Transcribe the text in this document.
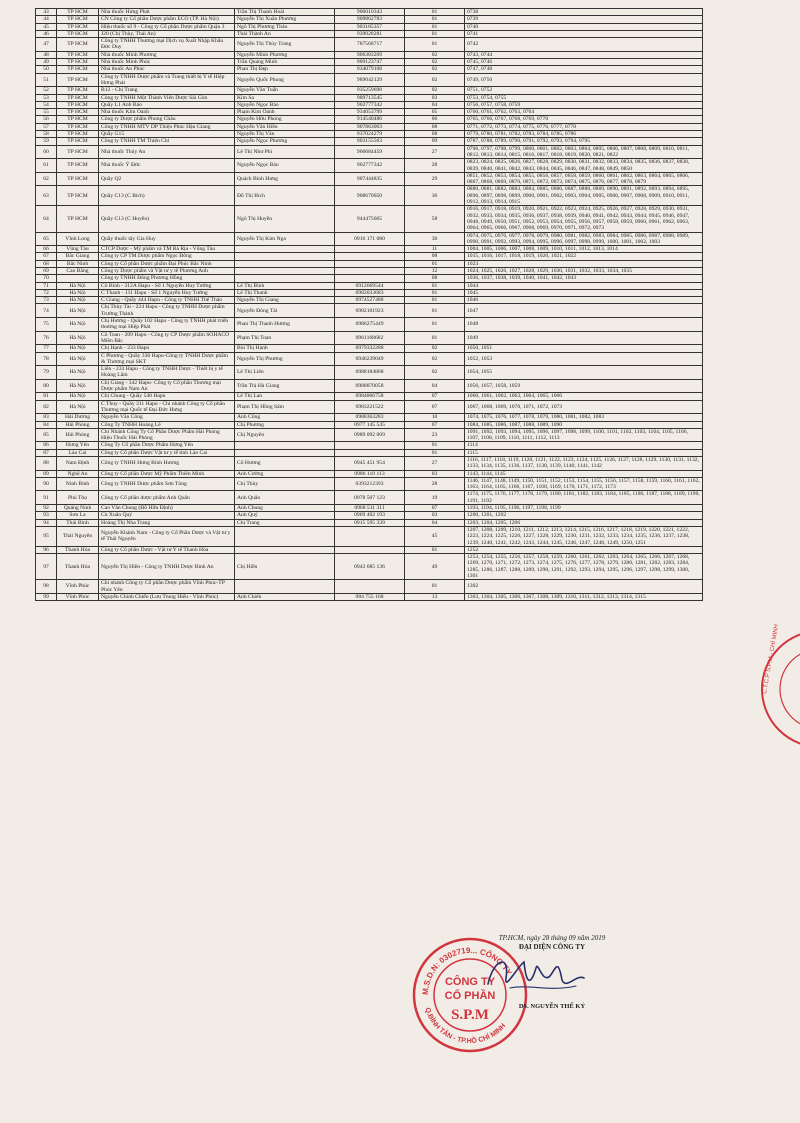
43	TP HCM	Nhà thuốc Hưng Phát	Trần Thị Thanh Hoài	906010343	01	0738
44	TP HCM	CN Công ty Cổ phần Dược phẩm ECO (TP. Hà Nội)	Nguyễn Thị Xuân Phương	909862783	01	0739
45	TP HCM	Hiệu thuốc số 9 - Công ty Cổ phần Dược phẩm Quận 3	Ngô Thị Phương Thảo	903185357	01	0740
46	TP HCM	J20 (Chị Thùy, Thái An)	Thái Thành An	939028281	01	0741
47	TP HCM	Công ty TNHH Thương mại Dịch vụ Xuất Nhập Khẩu Đức Duy	Nguyễn Thị Thùy Trang	787568717	01	0742
48	TP HCM	Nhà thuốc Minh Phương	Nguyễn Minh Phương	906383209	02	0743, 0744
49	TP HCM	Nhà thuốc Minh Phúc	Trần Quang Minh	909123747	02	0745, 0746
50	TP HCM	Nhà thuốc An Phúc	Phan Thị Đẹp	934079108	02	0747, 0748
51	TP HCM	Công ty TNHH Dược phẩm và Trang thiết bị Y tế Hiệp Hưng Phát	Nguyễn Quốc Phong	989042129	02	0749, 0750
52	TP HCM	B12 - Chị Trang	Nguyễn Văn Tuấn	935259698	02	0751, 0752
53	TP HCM	Công ty TNHH Một Thành Viên Dược Sài Gòn	Kim Sa	989713545	03	0753, 0754, 0755
54	TP HCM	Quầy L1 Anh Bảo	Nguyễn Ngọc Bảo	902777342	04	0756, 0757, 0758, 0759
55	TP HCM	Nhà thuốc Kim Oanh	Phạm Kim Oanh	934053799	05	0760, 0761, 0762, 0763, 0764
56	TP HCM	Công ty Dược phẩm Phong Châu	Nguyễn Hữu Phong	914540486	06	0765, 0766, 0767, 0768, 0769, 0770
57	TP HCM	Công ty TNHH MTV DP Thiện Phúc Hậu Giang	Nguyễn Văn Hiền	907863003	08	0771, 0772, 0773, 0774, 0775, 0776, 0777, 0778
58	TP HCM	Quầy G15	Nguyễn Thị Vân	937024279	08	0779, 0780, 0781, 0782, 0783, 0784, 0785, 0786
59	TP HCM	Công ty TNHH TM Thiện Chí	Nguyễn Ngọc Phương	903155563	09	0787, 0788, 0789, 0790, 0791, 0792, 0793, 0794, 0795
60	TP HCM	Nhà thuốc Thúy An	Lê Thị Như Phi	906684459	27	0796, 0797, 0798, 0799, 0800, 0801, 0802, 0803, 0804, 0805, 0806, 0807, 0808, 0809, 0810, 0811, 0812, 0813, 0814, 0815, 0816, 0817, 0818, 0819, 0820, 0821, 0822
61	TP HCM	Nhà thuốc Ý Đức	Nguyễn Ngọc Bảo	902777342	28	0823, 0824, 0825, 0826, 0827, 0828, 0829, 0830, 0831, 0832, 0833, 0834, 0835, 0836, 0837, 0838, 0839, 0840, 0841, 0842, 0843, 0844, 0845, 0846, 0847, 0848, 0849, 0850
62	TP HCM	Quầy Q2	Quách Bình Hưng	907444835	29	0851, 0852, 0853, 0854, 0855, 0856, 0857, 0858, 0859, 0860, 0861, 0862, 0863, 0864, 0865, 0866, 0867, 0868, 0869, 0870, 0871, 0872, 0873, 0874, 0875, 0876, 0877, 0878, 0879
63	TP HCM	Quầy C13 (C Bích)	Đỗ Thị Bích	908670050	36	0880, 0881, 0882, 0883, 0884, 0885, 0886, 0887, 0888, 0889, 0890, 0891, 0892, 0893, 0894, 0895, 0896, 0897, 0898, 0899, 0900, 0901, 0902, 0903, 0904, 0905, 0906, 0907, 0908, 0909, 0910, 0911, 0912, 0913, 0914, 0915
64	TP HCM	Quầy C13 (C Huyền)	Ngô Thị Huyền	944475665	58	0916, 0917, 0918, 0919, 0920, 0921, 0922, 0923, 0924, 0925, 0926, 0927, 0928, 0929, 0930, 0931, 0932, 0933, 0934, 0935, 0936, 0937, 0938, 0939, 0940, 0941, 0942, 0943, 0944, 0945, 0946, 0947, 0948, 0949, 0950, 0951, 0952, 0953, 0954, 0955, 0956, 0957, 0958, 0959, 0960, 0961, 0962, 0963, 0964, 0965, 0966, 0967, 0968, 0969, 0970, 0971, 0972, 0973
65	Vĩnh Long	Quầy thuốc tây Gia Huy	Nguyễn Thị Kim Nga	0916 171 080	30	0974, 0975, 0976, 0977, 0978, 0979, 0980, 0981, 0982, 0983, 0984, 0985, 0986, 0987, 0988, 0989, 0990, 0991, 0992, 0993, 0994, 0995, 0996, 0997, 0998, 0999, 1000, 1001, 1002, 1003
66	Vũng Tàu	CTCP Dược - Mỹ phẩm và TM Bà Rịa - Vũng Tàu			11	1004, 1005, 1006, 1007, 1008, 1009, 1010, 1011, 1012, 1013, 1014
67	Bắc Giang	Công ty CP TM Dược phẩm Ngọc Đông			08	1015, 1016, 1017, 1018, 1019, 1020, 1021, 1022
68	Bắc Ninh	Công ty Cổ phần Dược phẩm Đại Phúc Bắc Ninh			01	1023
69	Cao Bằng	Công ty Dược phẩm và Vật tư y tế Phương Anh			12	1024, 1025, 1026, 1027, 1028, 1029, 1030, 1031, 1032, 1033, 1034, 1035
70		Công ty TNHH Đông Phương Hồng			08	1036, 1037, 1038, 1039, 1040, 1041, 1042, 1043
71	Hà Nội	Cô Bình - 312A Hapu - Số 1 Nguyễn Huy Tưởng	Lê Thị Bình	0912669544	01	1044
72	Hà Nội	C Thanh - 111 Hapu - Số 1 Nguyễn Huy Tưởng	Lê Thị Thanh	0982033683	01	1045
73	Hà Nội	C Giang - Quầy 444 Hapu - Công ty TNHH Thế Thảo	Nguyễn Thị Giang	0974527488	01	1046
74	Hà Nội	Chị Thùy Tài - 224 Hapu - Công ty TNHH Dược phẩm Trường Thành	Nguyễn Đông Tài	0982101923	01	1047
75	Hà Nội	Chị Hương - Quầy 102 Hapu - Công ty TNHH phát triển thương mại Hiệp Phát	Phan Thị Thanh Hương	0986275449	01	1048
76	Hà Nội	Cô Toan - 209 Hapu - Công ty CP Dược phẩm SOHACO Miền Bắc	Phạm Thị Toan	0961168682	01	1049
77	Hà Nội	Chị Hạnh - 233 Hapu	Bùi Thị Hạnh	0979332288	02	1050, 1051
78	Hà Nội	C Phương - Quầy 336 Hapu-Công ty TNHH Dược phẩm & Thương mại SKT	Nguyễn Thị Phương	0946239049	02	1052, 1053
79	Hà Nội	Liên - 233 Hapu - Công ty TNHH Dược - Thiết bị y tế Hoàng Lâm	Lê Thị Liên	0988184868	02	1054, 1055
80	Hà Nội	Chị Giang - 342 Hapu- Công ty Cổ phần Thương mại Dược phẩm Nam An	Trần Thị Hà Giang	0988870058	04	1056, 1057, 1058, 1059
81	Hà Nội	Chị Chung - Quầy 540 Hapu	Lê Thị Lan	0984866758	07	1060, 1061, 1062, 1063, 1064, 1065, 1066
82	Hà Nội	C Thuy - Quầy 311 Hapu - Chi nhánh Công ty Cổ phần Thương mại Quốc tế Đại Đức Hưng	Phạm Thị Hồng Sâm	0983221522	07	1067, 1068, 1069, 1070, 1071, 1072, 1073
83	Hải Dương	Nguyễn Văn Công	Anh Công	0988363283	10	1074, 1075, 1076, 1077, 1078, 1079, 1080, 1081, 1082, 1083
84	Hải Phòng	Công Ty TNHH Hoàng Lê	Chị Phương	0977 145 545	07	1084, 1085, 1086, 1087, 1088, 1089, 1090
85	Hải Phòng	Chi Nhánh Công Ty Cổ Phần Dược Phẩm Hải Phòng Hiệu Thuốc Hải Phòng	Chị Nguyên	0989 092 009	23	1091, 1092, 1093, 1094, 1095, 1096, 1097, 1098, 1099, 1100, 1101, 1102, 1103, 1104, 1105, 1106, 1107, 1108, 1109, 1110, 1111, 1112, 1113
86	Hưng Yên	Công Ty Cổ phần Dược Phẩm Hưng Yên			01	1114
87	Lào Cai	Công ty Cổ phần Dược Vật tư y tế tỉnh Lào Cai			01	1115
88	Nam Định	Công ty TNHH Hưng Bình Hương	Cô Hương	0945 451 954	27	1116, 1117, 1118, 1119, 1120, 1121, 1122, 1123, 1124, 1125, 1126, 1127, 1128, 1129, 1130, 1131, 1132, 1133, 1134, 1135, 1136, 1137, 1138, 1139, 1140, 1141, 1142
89	Nghệ An	Công ty Cổ phần Dược Mỹ Phẩm Thiên Minh	Anh Cường	0986 110 113	03	1143, 1144, 1145
90	Ninh Bình	Công ty TNHH Dược phẩm Sơn Tùng	Chị Thùy	0393212393	28	1146, 1147, 1148, 1149, 1150, 1151, 1152, 1153, 1154, 1155, 1156, 1157, 1158, 1159, 1160, 1161, 1162, 1163, 1164, 1165, 1166, 1167, 1168, 1169, 1170, 1171, 1172, 1173
91	Phú Thọ	Công ty Cổ phần dược phẩm Anh Quân	Anh Quân	0978 507 123	19	1174, 1175, 1176, 1177, 1178, 1179, 1180, 1181, 1182, 1183, 1184, 1185, 1186, 1187, 1188, 1189, 1190, 1191, 1192
92	Quảng Ninh	Cao Văn Chung (Đỗ Hữu Định)	Anh Chung	0968 511 311	07	1193, 1194, 1195, 1196, 1197, 1198, 1199
93	Sơn La	Cù Xuân Quý	Anh Quý	0969 402 193	03	1200, 1201, 1202
94	Thái Bình	Hoàng Thị Nha Trang	Chị Trang	0915 595 339	04	1203, 1204, 1205, 1206
95	Thái Nguyên	Nguyễn Khánh Nam - Công ty Cổ Phần Dược và Vật tư y tế Thái Nguyên			45	1207, 1208, 1209, 1210, 1211, 1212, 1213, 1214, 1215, 1216, 1217, 1218, 1219, 1220, 1221, 1222, 1223, 1224, 1225, 1226, 1227, 1228, 1229, 1230, 1231, 1232, 1233, 1234, 1235, 1236, 1237, 1238, 1239, 1240, 1241, 1242, 1243, 1244, 1245, 1246, 1247, 1248, 1249, 1250, 1251
96	Thanh Hóa	Công ty Cổ phần Dược - Vật tư Y tế Thanh Hóa			01	1252
97	Thanh Hóa	Nguyễn Thị Hiền - Công ty TNHH Dược Bình An	Chị Hiền	0943 685 136	49	1253, 1254, 1255, 1256, 1257, 1258, 1259, 1260, 1261, 1262, 1263, 1264, 1265, 1266, 1267, 1268, 1269, 1270, 1271, 1272, 1273, 1274, 1275, 1276, 1277, 1278, 1279, 1280, 1281, 1282, 1283, 1284, 1285, 1286, 1287, 1288, 1289, 1290, 1291, 1292, 1293, 1294, 1295, 1296, 1297, 1298, 1299, 1300, 1301
98	Vĩnh Phúc	Chi nhánh Công ty Cổ phần Dược phẩm Vĩnh Phúc-TP Phúc Yên			01	1302
99	Vĩnh Phúc	Nguyễn Chính Chiến (Lưu Trung Hiếu - Vĩnh Phúc)	Anh Chiến	984 755 168	13	1303, 1304, 1305, 1306, 1307, 1308, 1309, 1310, 1311, 1312, 1313, 1314, 1315
M.S.D.N: 0302719... CÔNG TY
Q.BÌNH TÂN - TP.HỒ CHÍ MINH
CÔNG TY
CỔ PHẦN
S.P.M
C.T.C.P S.P.M - CHÍ MINH
TP.HCM, ngày 28 tháng 09 năm 2019
ĐẠI DIỆN CÔNG TY
DS. NGUYỄN THẾ KỶ
